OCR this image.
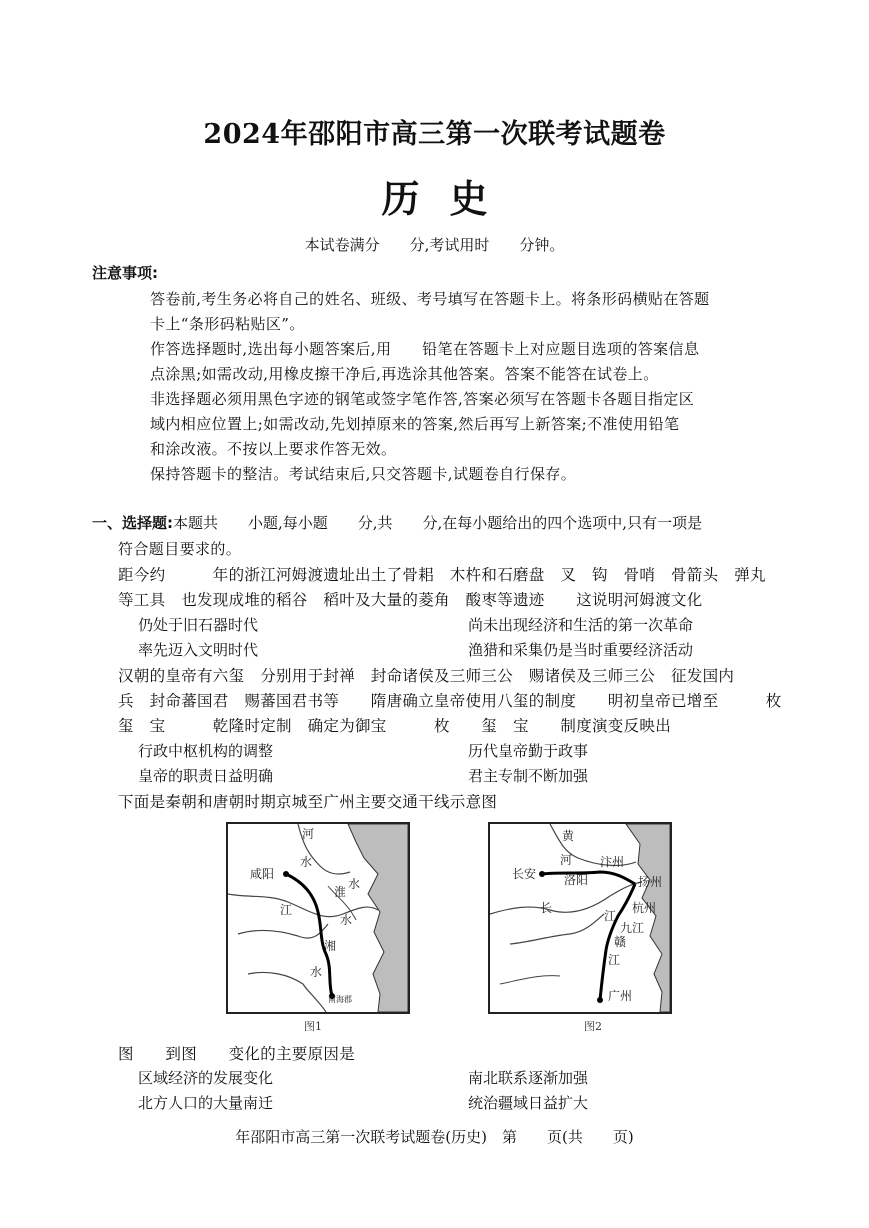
2024年邵阳市高三第一次联考试题卷
历史
本试卷满分　　分,考试用时　　分钟。
注意事项:
答卷前,考生务必将自己的姓名、班级、考号填写在答题卡上。将条形码横贴在答题
卡上“条形码粘贴区”。
作答选择题时,选出每小题答案后,用　　铅笔在答题卡上对应题目选项的答案信息
点涂黑;如需改动,用橡皮擦干净后,再选涂其他答案。答案不能答在试卷上。
非选择题必须用黑色字迹的钢笔或签字笔作答,答案必须写在答题卡各题目指定区
域内相应位置上;如需改动,先划掉原来的答案,然后再写上新答案;不准使用铅笔
和涂改液。不按以上要求作答无效。
保持答题卡的整洁。考试结束后,只交答题卡,试题卷自行保存。
一、选择题:本题共　　小题,每小题　　分,共　　分,在每小题给出的四个选项中,只有一项是
符合题目要求的。
距今约　　　年的浙江河姆渡遗址出土了骨耜　木杵和石磨盘　叉　钩　骨哨　骨箭头　弹丸
等工具　也发现成堆的稻谷　稻叶及大量的菱角　酸枣等遗迹　　这说明河姆渡文化
仍处于旧石器时代	尚未出现经济和生活的第一次革命
率先迈入文明时代	渔猎和采集仍是当时重要经济活动
汉朝的皇帝有六玺　分别用于封禅　封命诸侯及三师三公　赐诸侯及三师三公　征发国内
兵　封命蕃国君　赐蕃国君书等　　隋唐确立皇帝使用八玺的制度　　明初皇帝已增至　　　枚
玺　宝　　　乾隆时定制　确定为御宝　　　枚　　玺　宝　　制度演变反映出
行政中枢机构的调整	历代皇帝勤于政事
皇帝的职责日益明确	君主专制不断加强
下面是秦朝和唐朝时期京城至广州主要交通干线示意图
河
水
咸阳
淮
水
江
水
湘
水
南海郡
图1
黄
河
长安 洛阳
汴州
扬州
长
江
杭州
九江
赣
江
广州
图2
图　　到图　　变化的主要原因是
区域经济的发展变化	南北联系逐渐加强
北方人口的大量南迁	统治疆域日益扩大
年邵阳市高三第一次联考试题卷(历史)　第　　页(共　　页)
